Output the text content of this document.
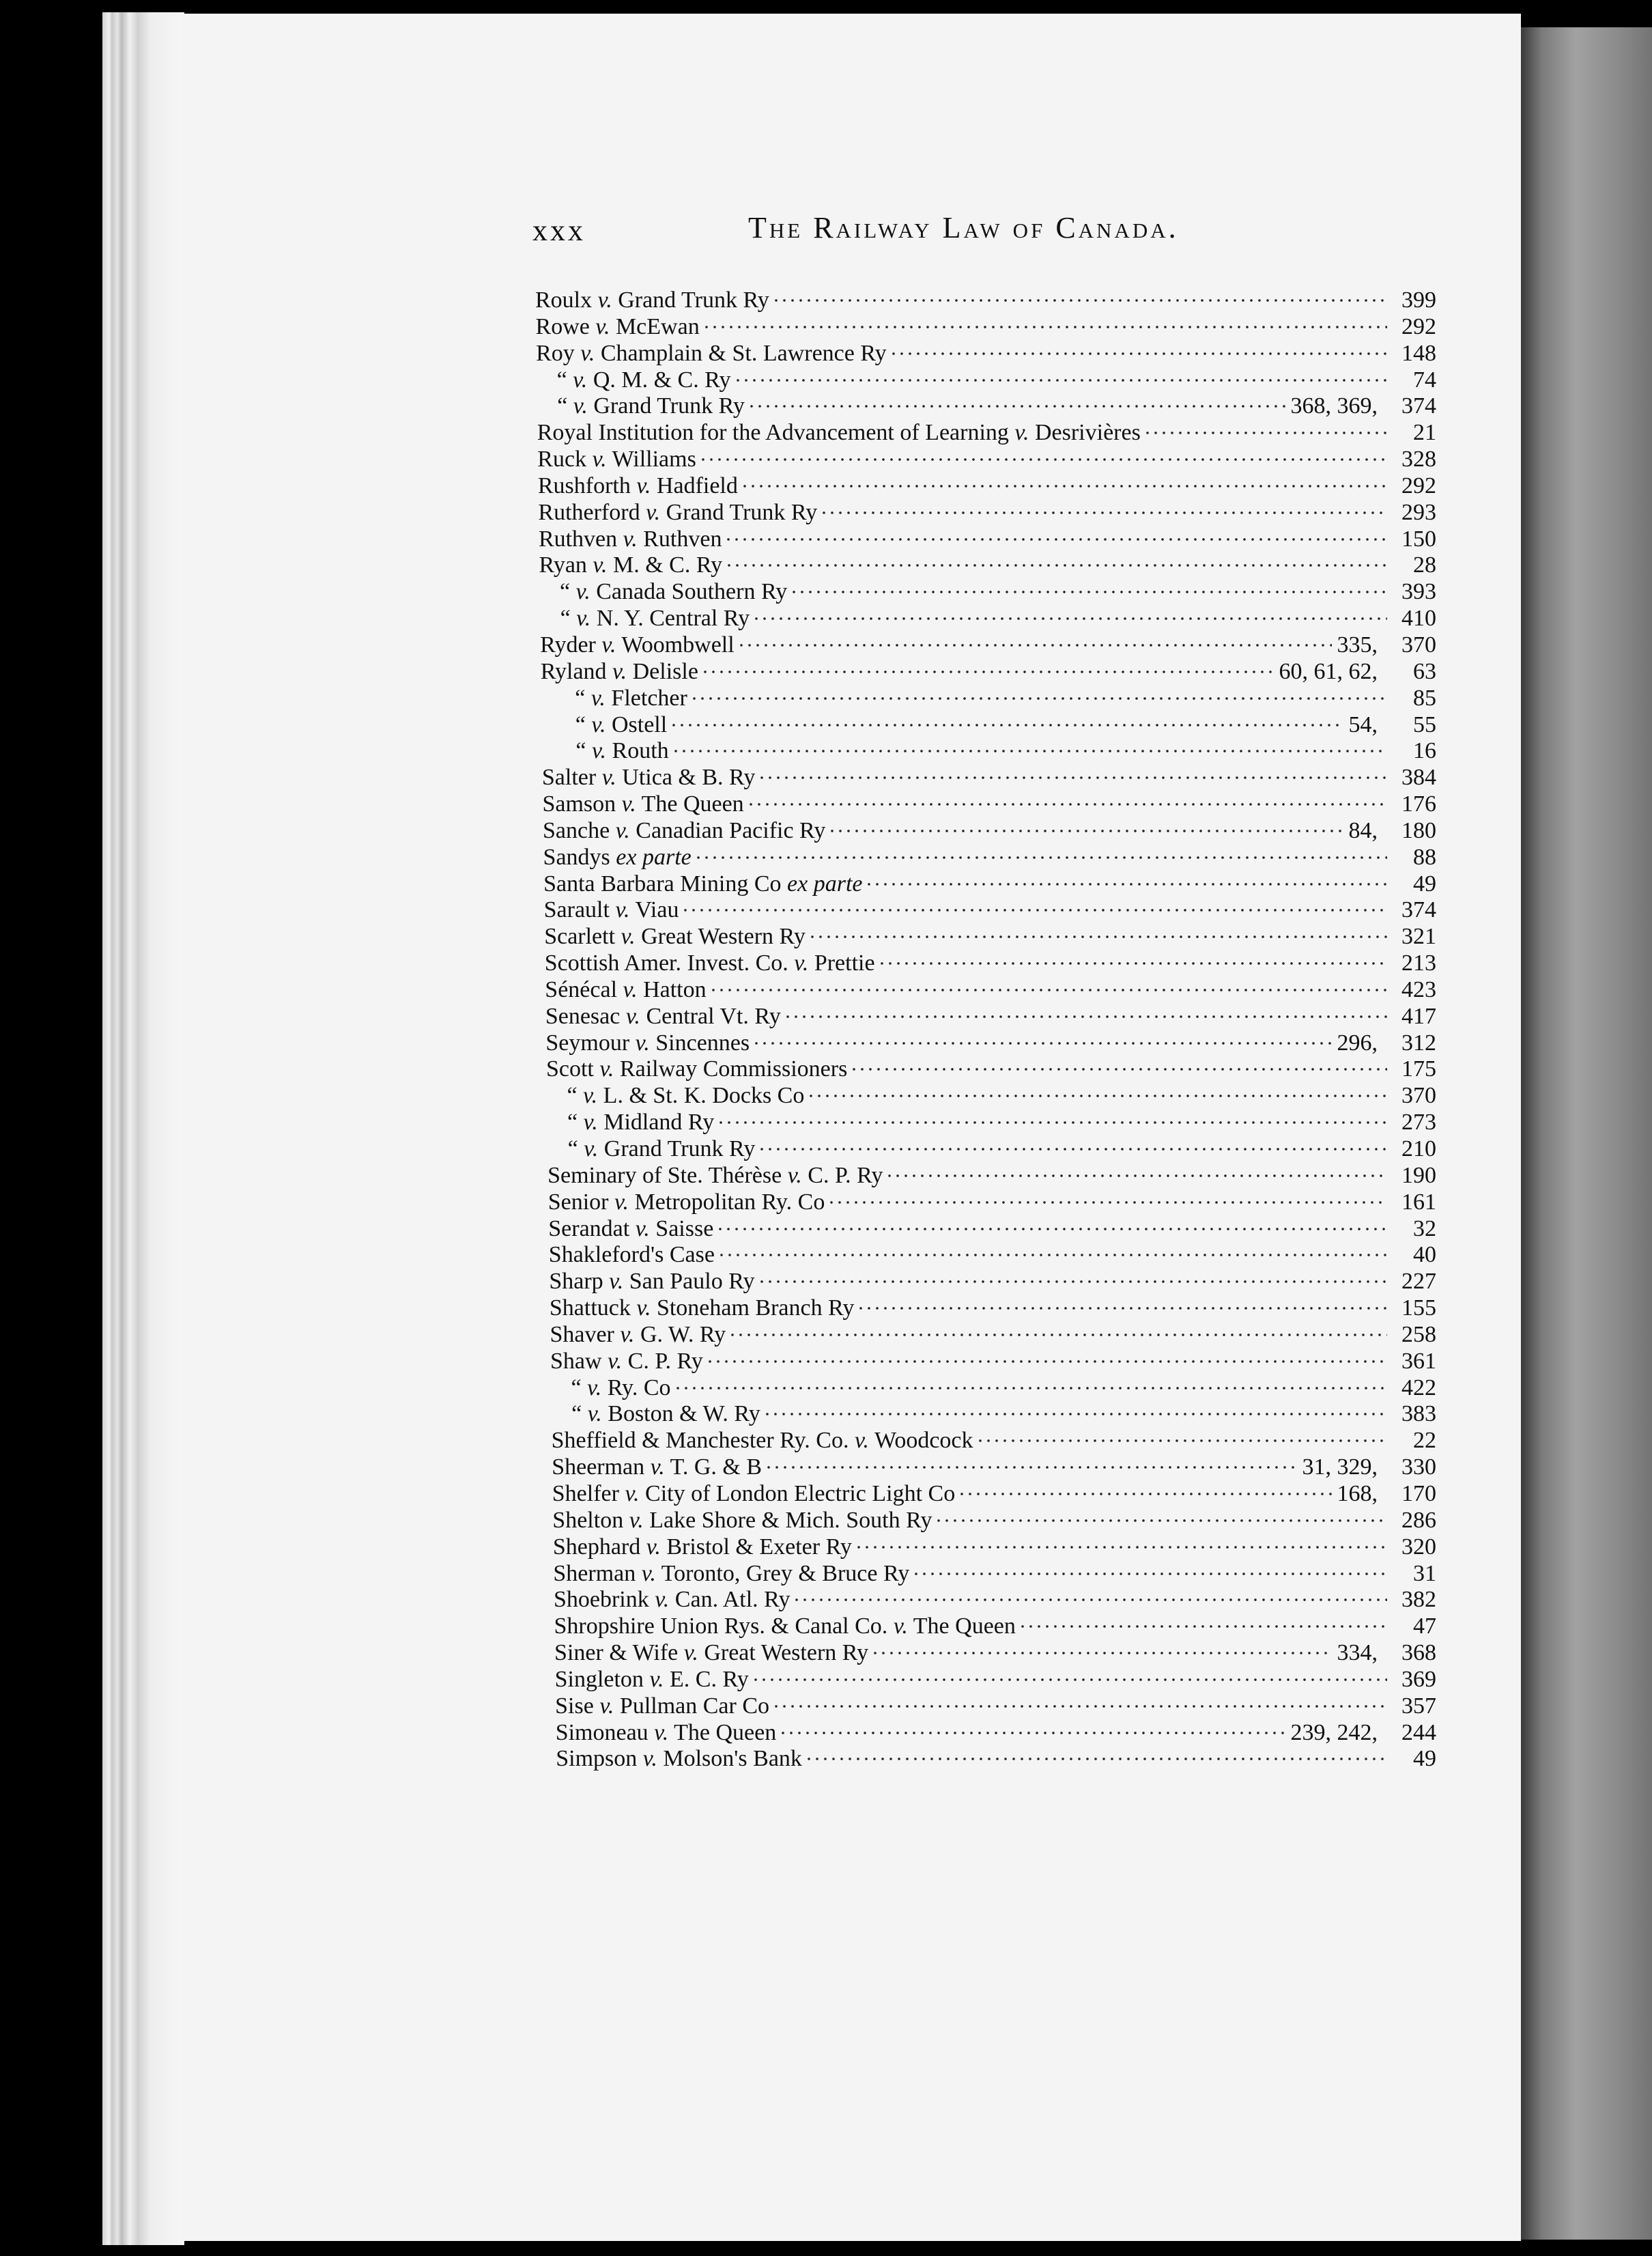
xxx	The Railway Law of Canada.
Roulx v. Grand Trunk Ry	399
Rowe v. McEwan	292
Roy v. Champlain & St. Lawrence Ry	148
“ v. Q. M. & C. Ry	74
“ v. Grand Trunk Ry	368, 369,	374
Royal Institution for the Advancement of Learning v. Desrivières	21
Ruck v. Williams	328
Rushforth v. Hadfield	292
Rutherford v. Grand Trunk Ry	293
Ruthven v. Ruthven	150
Ryan v. M. & C. Ry	28
“ v. Canada Southern Ry	393
“ v. N. Y. Central Ry	410
Ryder v. Woombwell	335,	370
Ryland v. Delisle	60, 61, 62,	63
“ v. Fletcher	85
“ v. Ostell	54,	55
“ v. Routh	16
Salter v. Utica & B. Ry	384
Samson v. The Queen	176
Sanche v. Canadian Pacific Ry	84,	180
Sandys ex parte	88
Santa Barbara Mining Co ex parte	49
Sarault v. Viau	374
Scarlett v. Great Western Ry	321
Scottish Amer. Invest. Co. v. Prettie	213
Sénécal v. Hatton	423
Senesac v. Central Vt. Ry	417
Seymour v. Sincennes	296,	312
Scott v. Railway Commissioners	175
“ v. L. & St. K. Docks Co	370
“ v. Midland Ry	273
“ v. Grand Trunk Ry	210
Seminary of Ste. Thérèse v. C. P. Ry	190
Senior v. Metropolitan Ry. Co	161
Serandat v. Saisse	32
Shakleford's Case	40
Sharp v. San Paulo Ry	227
Shattuck v. Stoneham Branch Ry	155
Shaver v. G. W. Ry	258
Shaw v. C. P. Ry	361
“ v. Ry. Co	422
“ v. Boston & W. Ry	383
Sheffield & Manchester Ry. Co. v. Woodcock	22
Sheerman v. T. G. & B	31, 329,	330
Shelfer v. City of London Electric Light Co	168,	170
Shelton v. Lake Shore & Mich. South Ry	286
Shephard v. Bristol & Exeter Ry	320
Sherman v. Toronto, Grey & Bruce Ry	31
Shoebrink v. Can. Atl. Ry	382
Shropshire Union Rys. & Canal Co. v. The Queen	47
Siner & Wife v. Great Western Ry	334,	368
Singleton v. E. C. Ry	369
Sise v. Pullman Car Co	357
Simoneau v. The Queen	239, 242,	244
Simpson v. Molson's Bank	49
